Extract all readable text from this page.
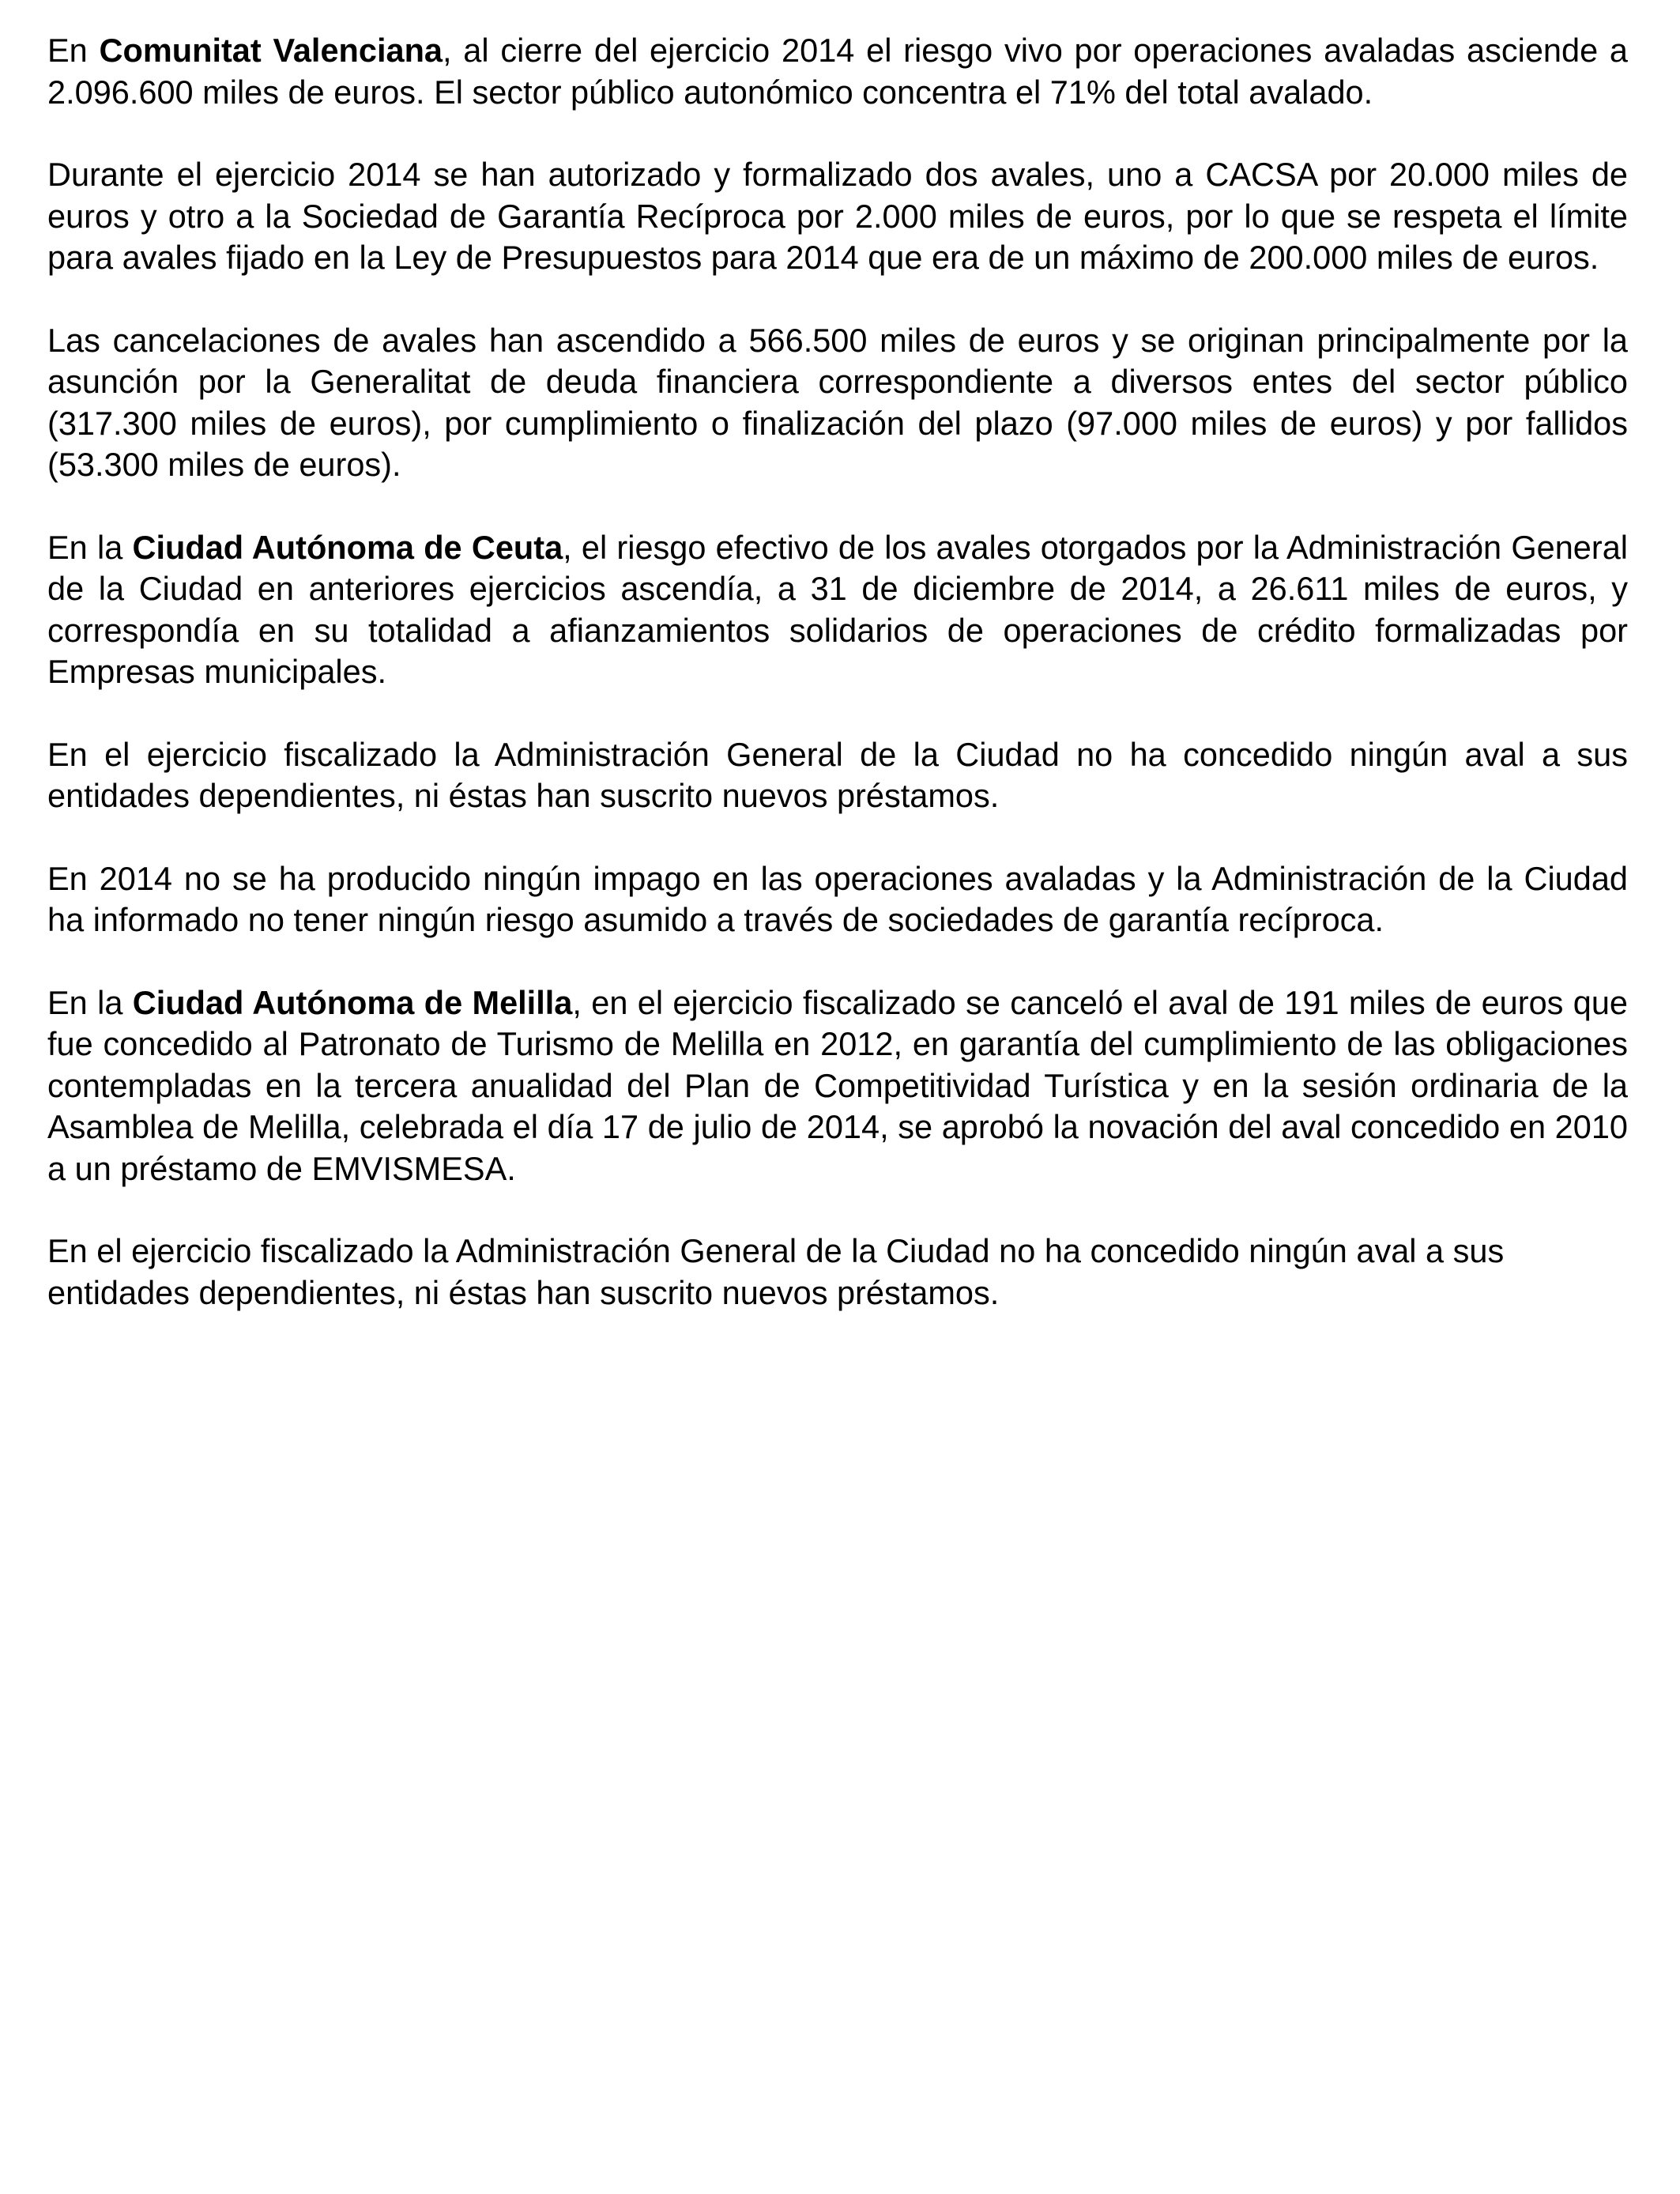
En Comunitat Valenciana, al cierre del ejercicio 2014 el riesgo vivo por operaciones avaladas asciende a 2.096.600 miles de euros. El sector público autonómico concentra el 71% del total avalado.

Durante el ejercicio 2014 se han autorizado y formalizado dos avales, uno a CACSA por 20.000 miles de euros y otro a la Sociedad de Garantía Recíproca por 2.000 miles de euros, por lo que se respeta el límite para avales fijado en la Ley de Presupuestos para 2014 que era de un máximo de 200.000 miles de euros.

Las cancelaciones de avales han ascendido a 566.500 miles de euros y se originan principalmente por la asunción por la Generalitat de deuda financiera correspondiente a diversos entes del sector público (317.300 miles de euros), por cumplimiento o finalización del plazo (97.000 miles de euros) y por fallidos (53.300 miles de euros).

En la Ciudad Autónoma de Ceuta, el riesgo efectivo de los avales otorgados por la Administración General de la Ciudad en anteriores ejercicios ascendía, a 31 de diciembre de 2014, a 26.611 miles de euros, y correspondía en su totalidad a afianzamientos solidarios de operaciones de crédito formalizadas por Empresas municipales.

En el ejercicio fiscalizado la Administración General de la Ciudad no ha concedido ningún aval a sus entidades dependientes, ni éstas han suscrito nuevos préstamos.

En 2014 no se ha producido ningún impago en las operaciones avaladas y la Administración de la Ciudad ha informado no tener ningún riesgo asumido a través de sociedades de garantía recíproca.

En la Ciudad Autónoma de Melilla, en el ejercicio fiscalizado se canceló el aval de 191 miles de euros que fue concedido al Patronato de Turismo de Melilla en 2012, en garantía del cumplimiento de las obligaciones contempladas en la tercera anualidad del Plan de Competitividad Turística y en la sesión ordinaria de la Asamblea de Melilla, celebrada el día 17 de julio de 2014, se aprobó la novación del aval concedido en 2010 a un préstamo de EMVISMESA.

En el ejercicio fiscalizado la Administración General de la Ciudad no ha concedido ningún aval a sus entidades dependientes, ni éstas han suscrito nuevos préstamos.
